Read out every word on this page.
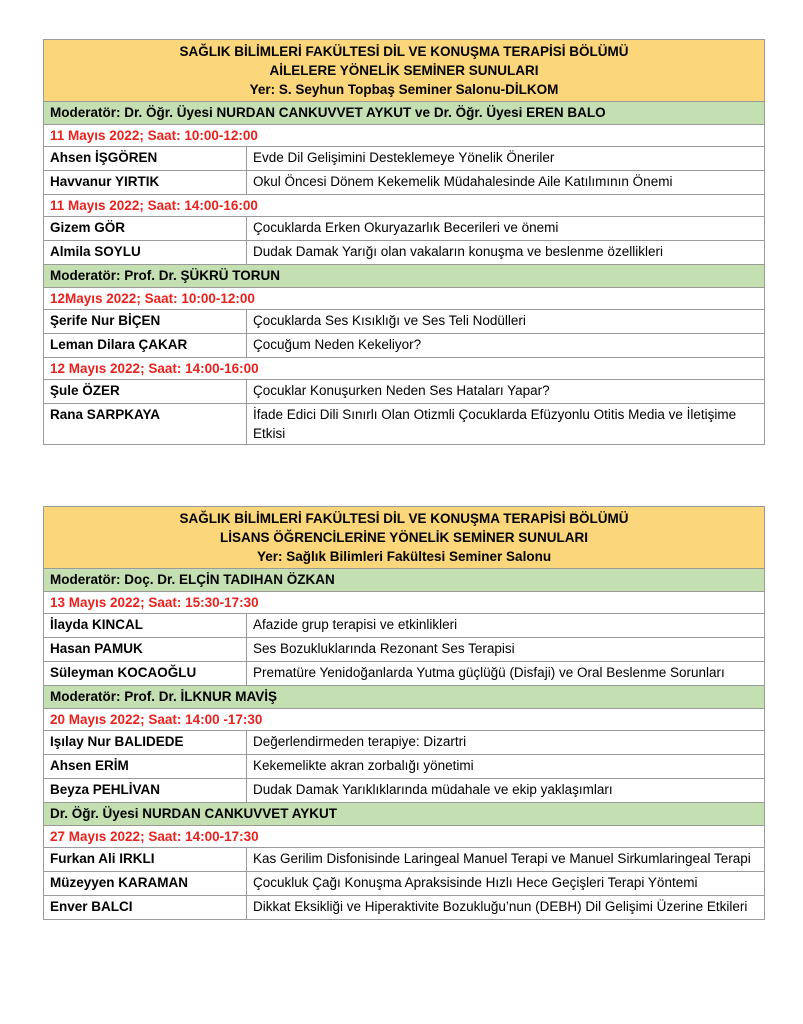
SAĞLIK BİLİMLERİ FAKÜLTESİ DİL VE KONUŞMA TERAPİSİ BÖLÜMÜ
AİLELERE YÖNELİK SEMİNER SUNULARI
Yer: S. Seyhun Topbaş Seminer Salonu-DİLKOM	

Moderatör: Dr. Öğr. Üyesi NURDAN CANKUVVET AYKUT ve Dr. Öğr. Üyesi EREN BALO	
11 Mayıs 2022; Saat: 10:00-12:00	
Ahsen İŞGÖREN	Evde Dil Gelişimini Desteklemeye Yönelik Öneriler
Havvanur YIRTIK	Okul Öncesi Dönem Kekemelik Müdahalesinde Aile Katılımının Önemi
11 Mayıs 2022; Saat: 14:00-16:00	
Gizem GÖR	Çocuklarda Erken Okuryazarlık Becerileri ve önemi
Almila SOYLU	Dudak Damak Yarığı olan vakaların konuşma ve beslenme özellikleri
Moderatör: Prof. Dr. ŞÜKRÜ TORUN	
12Mayıs 2022; Saat: 10:00-12:00	
Şerife Nur BİÇEN	Çocuklarda Ses Kısıklığı ve Ses Teli Nodülleri
Leman Dilara ÇAKAR	Çocuğum Neden Kekeliyor?
12 Mayıs 2022; Saat: 14:00-16:00	
Şule ÖZER	Çocuklar Konuşurken Neden Ses Hataları Yapar?
Rana SARPKAYA	İfade Edici Dili Sınırlı Olan Otizmli Çocuklarda Efüzyonlu Otitis Media ve İletişime Etkisi
SAĞLIK BİLİMLERİ FAKÜLTESİ DİL VE KONUŞMA TERAPİSİ BÖLÜMÜ
LİSANS ÖĞRENCİLERİNE YÖNELİK SEMİNER SUNULARI
Yer: Sağlık Bilimleri Fakültesi Seminer Salonu	

Moderatör: Doç. Dr. ELÇİN TADIHAN ÖZKAN	
13 Mayıs 2022; Saat: 15:30-17:30	
İlayda KINCAL	Afazide grup terapisi ve etkinlikleri
Hasan PAMUK	Ses Bozukluklarında Rezonant Ses Terapisi
Süleyman KOCAOĞLU	Prematüre Yenidoğanlarda Yutma güçlüğü (Disfaji) ve Oral Beslenme Sorunları
Moderatör: Prof. Dr. İLKNUR MAVİŞ	
20 Mayıs 2022; Saat: 14:00 -17:30	
Işılay Nur BALIDEDE	Değerlendirmeden terapiye: Dizartri
Ahsen ERİM	Kekemelikte akran zorbalığı yönetimi
Beyza PEHLİVAN	Dudak Damak Yarıklıklarında müdahale ve ekip yaklaşımları
Dr. Öğr. Üyesi NURDAN CANKUVVET AYKUT	
27 Mayıs 2022; Saat: 14:00-17:30	
Furkan Ali IRKLI	Kas Gerilim Disfonisinde Laringeal Manuel Terapi ve Manuel Sirkumlaringeal Terapi
Müzeyyen KARAMAN	Çocukluk Çağı Konuşma Apraksisinde Hızlı Hece Geçişleri Terapi Yöntemi
Enver BALCI	Dikkat Eksikliği ve Hiperaktivite Bozukluğu’nun (DEBH) Dil Gelişimi Üzerine Etkileri
